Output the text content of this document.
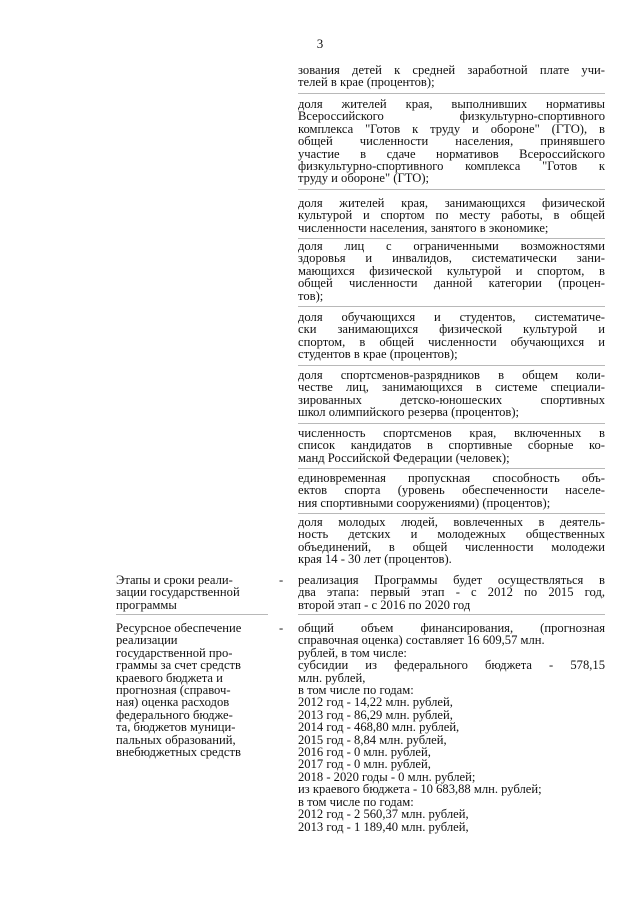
3
зования детей к средней заработной плате учи-
телей в крае (процентов);
доля жителей края, выполнивших нормативы
Всероссийского физкультурно-спортивного
комплекса "Готов к труду и обороне" (ГТО), в
общей численности населения, принявшего
участие в сдаче нормативов Всероссийского
физкультурно-спортивного комплекса "Готов к
труду и обороне" (ГТО);
доля жителей края, занимающихся физической
культурой и спортом по месту работы, в общей
численности населения, занятого в экономике;
доля лиц с ограниченными возможностями
здоровья и инвалидов, систематически зани-
мающихся физической культурой и спортом, в
общей численности данной категории (процен-
тов);
доля обучающихся и студентов, систематиче-
ски занимающихся физической культурой и
спортом, в общей численности обучающихся и
студентов в крае (процентов);
доля спортсменов-разрядников в общем коли-
честве лиц, занимающихся в системе специали-
зированных детско-юношеских спортивных
школ олимпийского резерва (процентов);
численность спортсменов края, включенных в
список кандидатов в спортивные сборные ко-
манд Российской Федерации (человек);
единовременная пропускная способность объ-
ектов спорта (уровень обеспеченности населе-
ния спортивными сооружениями) (процентов);
доля молодых людей, вовлеченных в деятель-
ность детских и молодежных общественных
объединений, в общей численности молодежи
края 14 - 30 лет (процентов).
Этапы и сроки реали-
зации государственной
программы
- реализация Программы будет осуществляться в
два этапа: первый этап - с 2012 по 2015 год,
второй этап - с 2016 по 2020 год
Ресурсное обеспечение
реализации
государственной про-
граммы за счет средств
краевого бюджета и
прогнозная (справоч-
ная) оценка расходов
федерального бюдже-
та, бюджетов муници-
пальных образований,
внебюджетных средств
- общий объем финансирования, (прогнозная
справочная оценка) составляет 16 609,57 млн.
рублей, в том числе:
субсидии из федерального бюджета - 578,15
млн. рублей,
в том числе по годам:
2012 год - 14,22 млн. рублей,
2013 год - 86,29 млн. рублей,
2014 год - 468,80 млн. рублей,
2015 год - 8,84 млн. рублей,
2016 год - 0 млн. рублей,
2017 год - 0 млн. рублей,
2018 - 2020 годы - 0 млн. рублей;
из краевого бюджета - 10 683,88 млн. рублей;
в том числе по годам:
2012 год - 2 560,37 млн. рублей,
2013 год - 1 189,40 млн. рублей,
